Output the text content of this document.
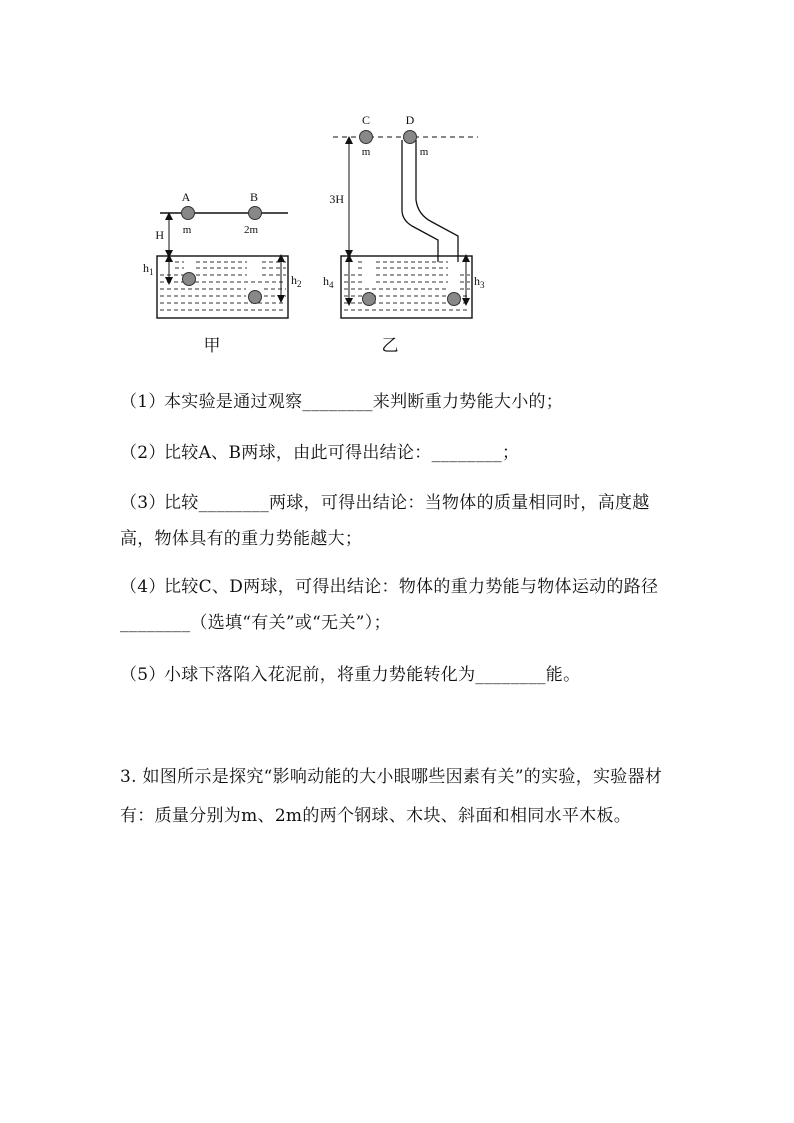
A	B
m	2m
H
$h_1$
$h_2$
甲
C	D
m	m
3H
$h_4$	$h_3$
乙
（1）本实验是通过观察________来判断重力势能大小的；
（2）比较A、B两球，由此可得出结论：________；
（3）比较________两球，可得出结论：当物体的质量相同时，高度越高，物体具有的重力势能越大；
（4）比较C、D两球，可得出结论：物体的重力势能与物体运动的路径________（选填“有关”或“无关”）；
（5）小球下落陷入花泥前，将重力势能转化为________能。
3. 如图所示是探究“影响动能的大小眼哪些因素有关”的实验，实验器材有：质量分别为m、2m的两个钢球、木块、斜面和相同水平木板。
